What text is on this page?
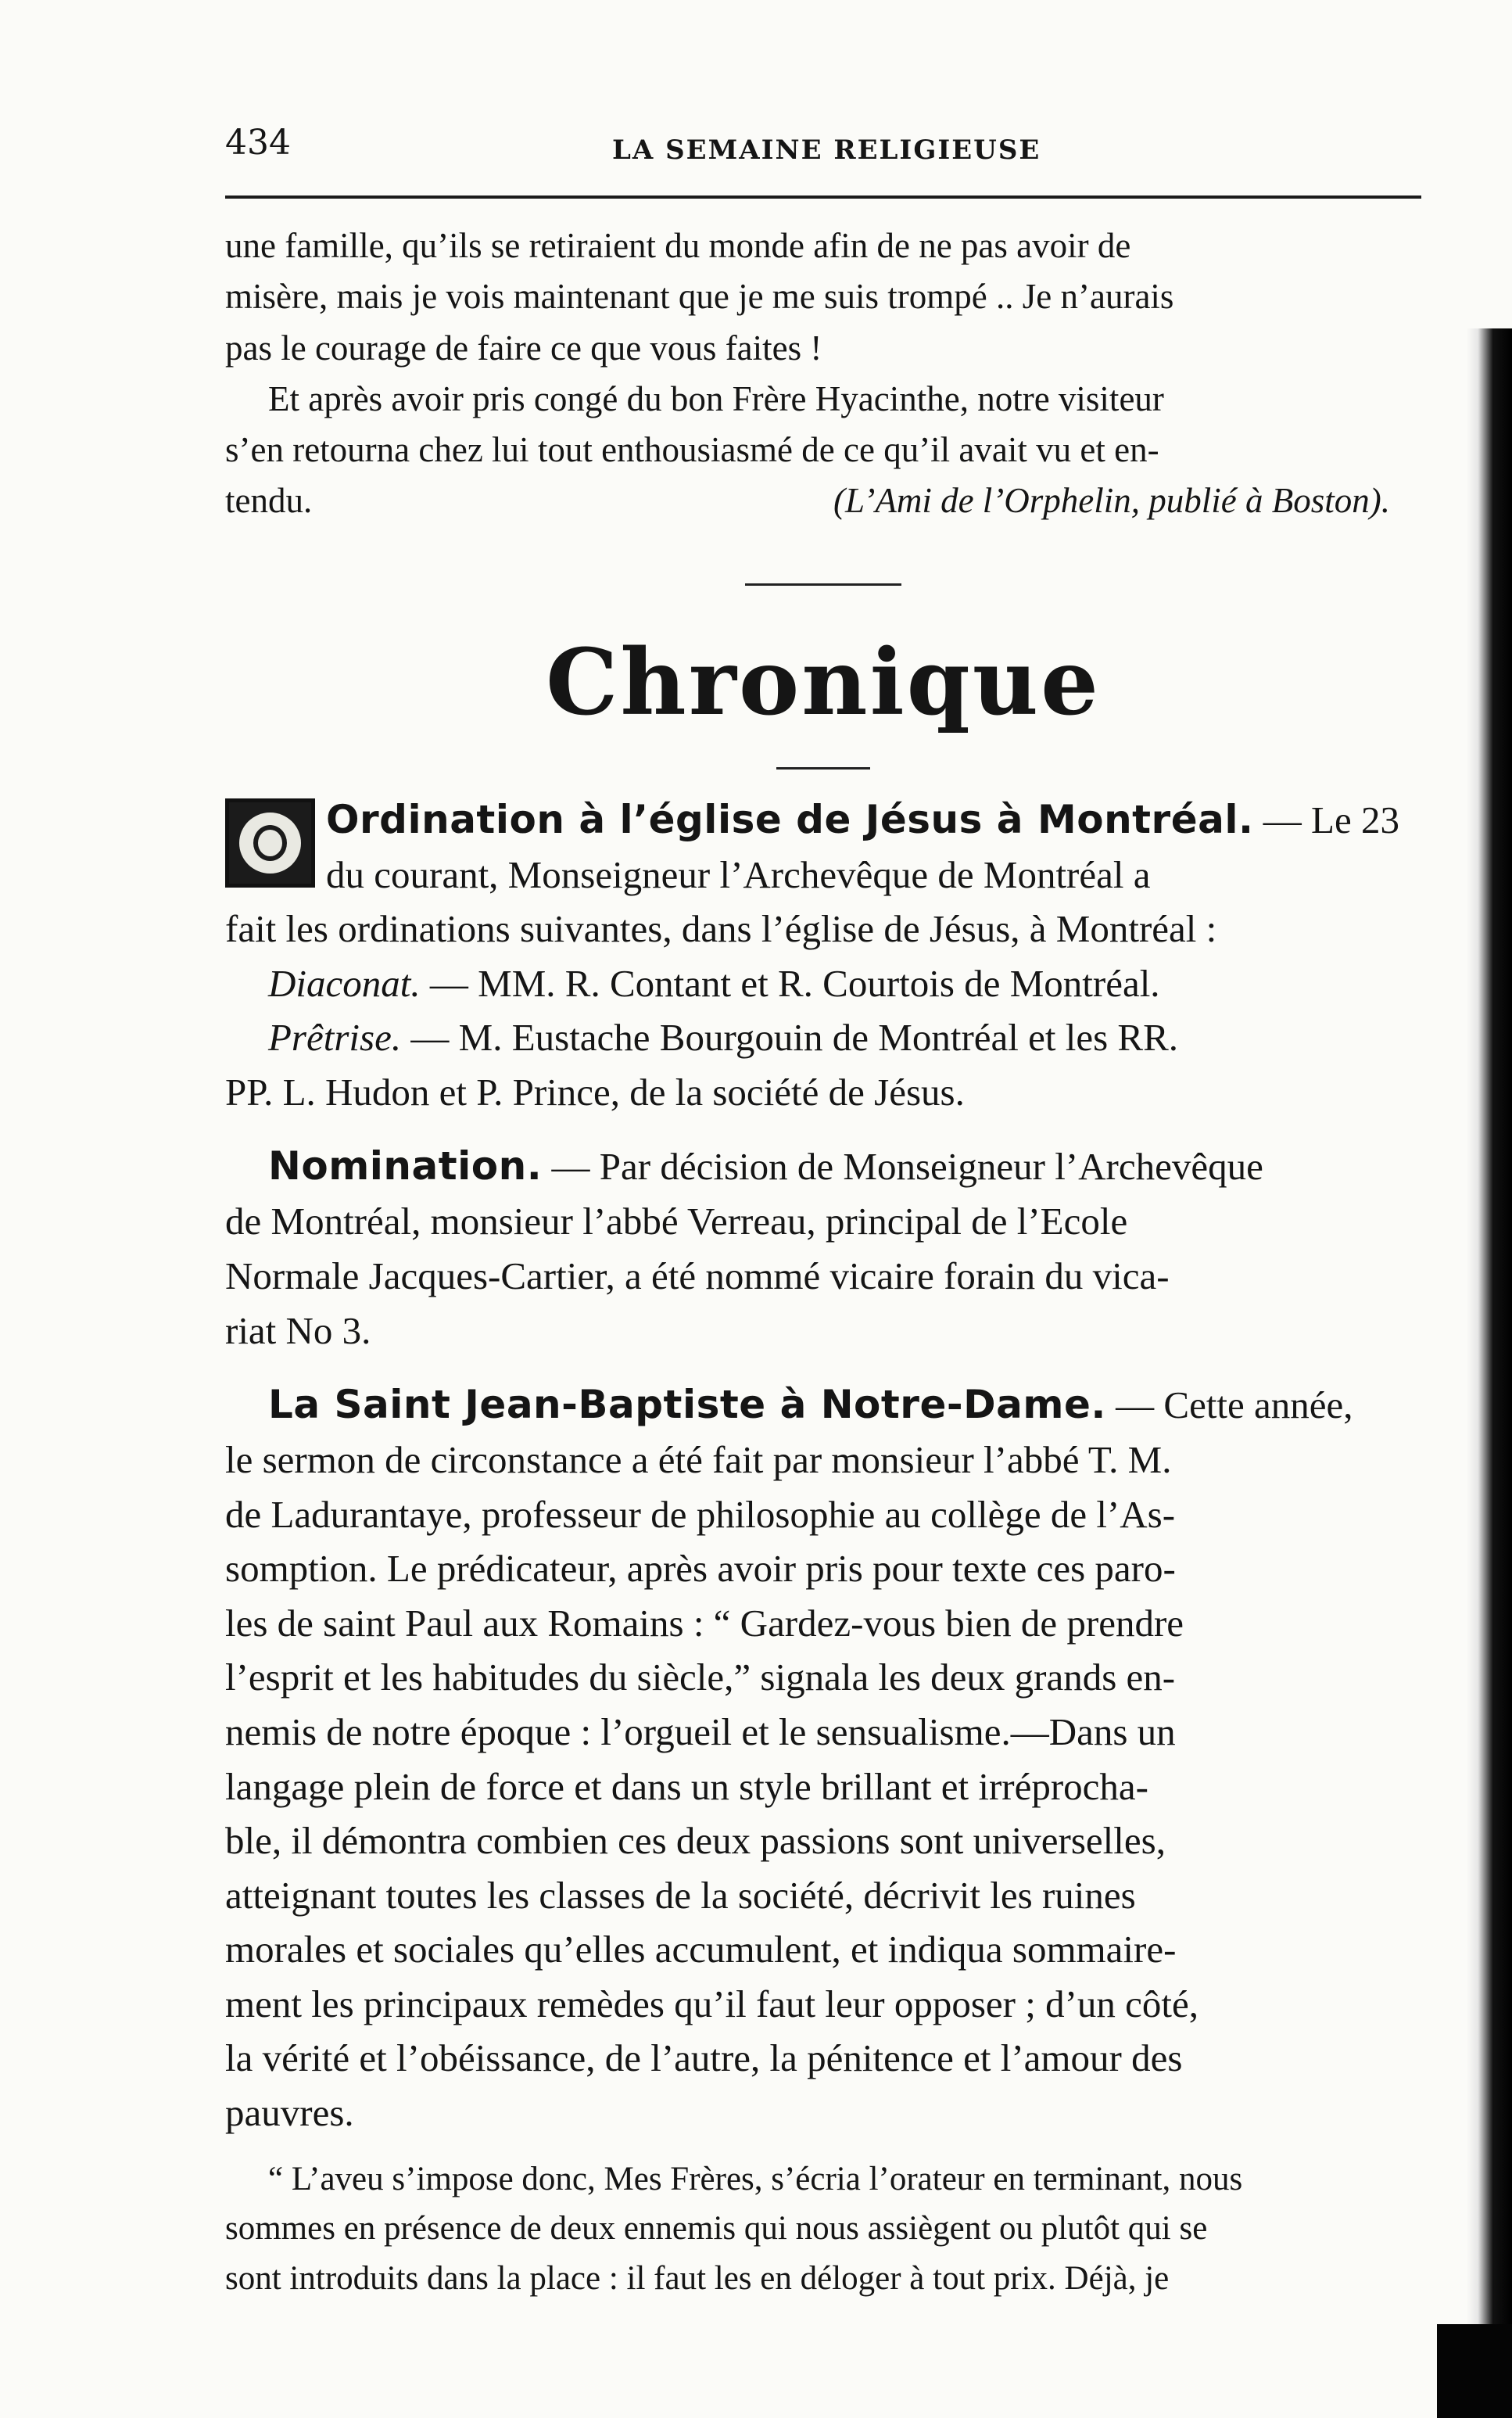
434	LA SEMAINE RELIGIEUSE

une famille, qu’ils se retiraient du monde afin de ne pas avoir de
misère, mais je vois maintenant que je me suis trompé .. Je n’aurais
pas le courage de faire ce que vous faites !

Et après avoir pris congé du bon Frère Hyacinthe, notre visiteur
s’en retourna chez lui tout enthousiasmé de ce qu’il avait vu et en-
tendu.	(L’Ami de l’Orphelin, publié à Boston).

Chronique

Ordination à l’église de Jésus à Montréal. — Le 23
du courant, Monseigneur l’Archevêque de Montréal a
fait les ordinations suivantes, dans l’église de Jésus, à Montréal :
Diaconat. — MM. R. Contant et R. Courtois de Montréal.
Prêtrise. — M. Eustache Bourgouin de Montréal et les RR.
PP. L. Hudon et P. Prince, de la société de Jésus.

Nomination. — Par décision de Monseigneur l’Archevêque
de Montréal, monsieur l’abbé Verreau, principal de l’Ecole
Normale Jacques-Cartier, a été nommé vicaire forain du vica-
riat No 3.

La Saint Jean-Baptiste à Notre-Dame. — Cette année,
le sermon de circonstance a été fait par monsieur l’abbé T. M.
de Ladurantaye, professeur de philosophie au collège de l’As-
somption. Le prédicateur, après avoir pris pour texte ces paro-
les de saint Paul aux Romains : “ Gardez-vous bien de prendre
l’esprit et les habitudes du siècle,” signala les deux grands en-
nemis de notre époque : l’orgueil et le sensualisme.—Dans un
langage plein de force et dans un style brillant et irréprocha-
ble, il démontra combien ces deux passions sont universelles,
atteignant toutes les classes de la société, décrivit les ruines
morales et sociales qu’elles accumulent, et indiqua sommaire-
ment les principaux remèdes qu’il faut leur opposer ; d’un côté,
la vérité et l’obéissance, de l’autre, la pénitence et l’amour des
pauvres.

“ L’aveu s’impose donc, Mes Frères, s’écria l’orateur en terminant, nous
sommes en présence de deux ennemis qui nous assiègent ou plutôt qui se
sont introduits dans la place : il faut les en déloger à tout prix. Déjà, je
